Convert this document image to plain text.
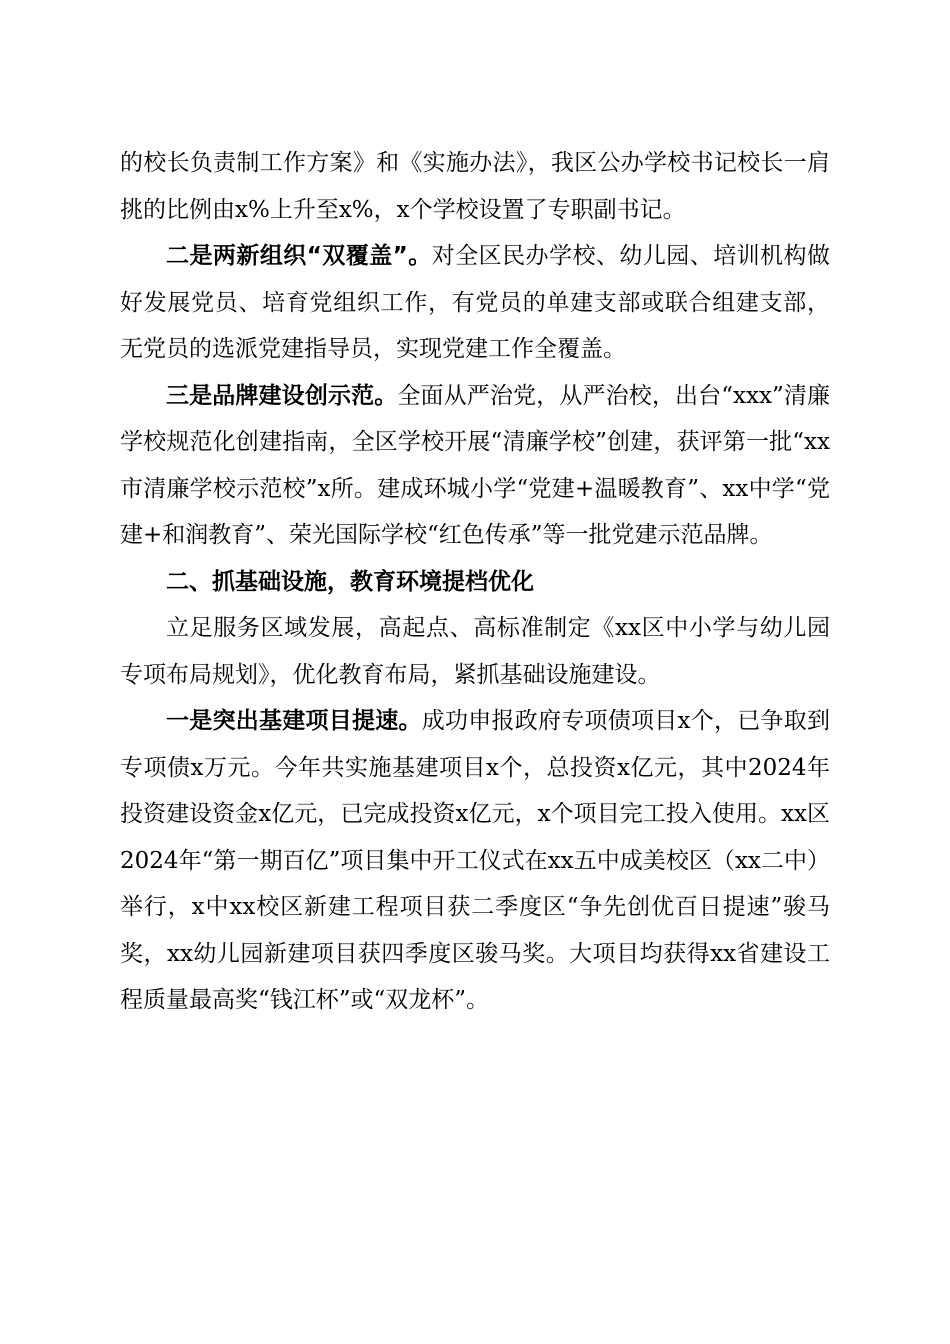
的校长负责制工作方案》和《实施办法》，我区公办学校书记校长一肩挑的比例由x%上升至x%，x个学校设置了专职副书记。

二是两新组织“双覆盖”。对全区民办学校、幼儿园、培训机构做好发展党员、培育党组织工作，有党员的单建支部或联合组建支部，无党员的选派党建指导员，实现党建工作全覆盖。

三是品牌建设创示范。全面从严治党，从严治校，出台“xxx”清廉学校规范化创建指南，全区学校开展“清廉学校”创建，获评第一批“xx市清廉学校示范校”x所。建成环城小学“党建+温暖教育”、xx中学“党建+和润教育”、荣光国际学校“红色传承”等一批党建示范品牌。

二、抓基础设施，教育环境提档优化

立足服务区域发展，高起点、高标准制定《xx区中小学与幼儿园专项布局规划》，优化教育布局，紧抓基础设施建设。

一是突出基建项目提速。成功申报政府专项债项目x个，已争取到专项债x万元。今年共实施基建项目x个，总投资x亿元，其中2024年投资建设资金x亿元，已完成投资x亿元，x个项目完工投入使用。xx区2024年“第一期百亿”项目集中开工仪式在xx五中成美校区（xx二中）举行，x中xx校区新建工程项目获二季度区“争先创优百日提速”骏马奖，xx幼儿园新建项目获四季度区骏马奖。大项目均获得xx省建设工程质量最高奖“钱江杯”或“双龙杯”。
